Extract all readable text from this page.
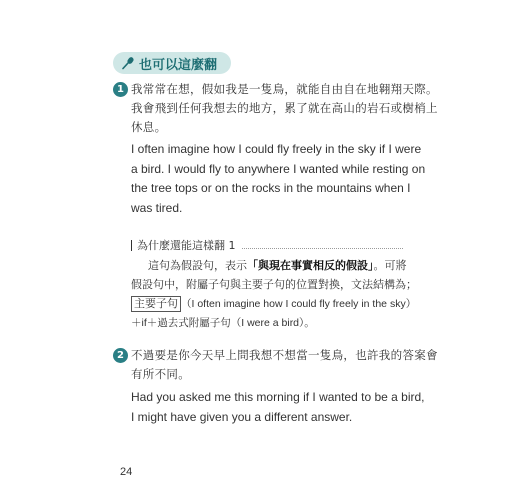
也可以這麼翻
1 我常常在想，假如我是一隻鳥，就能自由自在地翱翔天際。
我會飛到任何我想去的地方，累了就在高山的岩石或樹梢上
休息。
I often imagine how I could fly freely in the sky if I were
a bird. I would fly to anywhere I wanted while resting on
the tree tops or on the rocks in the mountains when I
was tired.
為什麼還能這樣翻 1
這句為假設句，表示「與現在事實相反的假設」。可將
假設句中，附屬子句與主要子句的位置對換，文法結構為；
主要子句 （I often imagine how I could fly freely in the sky）
＋if＋過去式附屬子句（I were a bird）。
2 不過要是你今天早上問我想不想當一隻鳥，也許我的答案會
有所不同。
Had you asked me this morning if I wanted to be a bird,
I might have given you a different answer.
24
